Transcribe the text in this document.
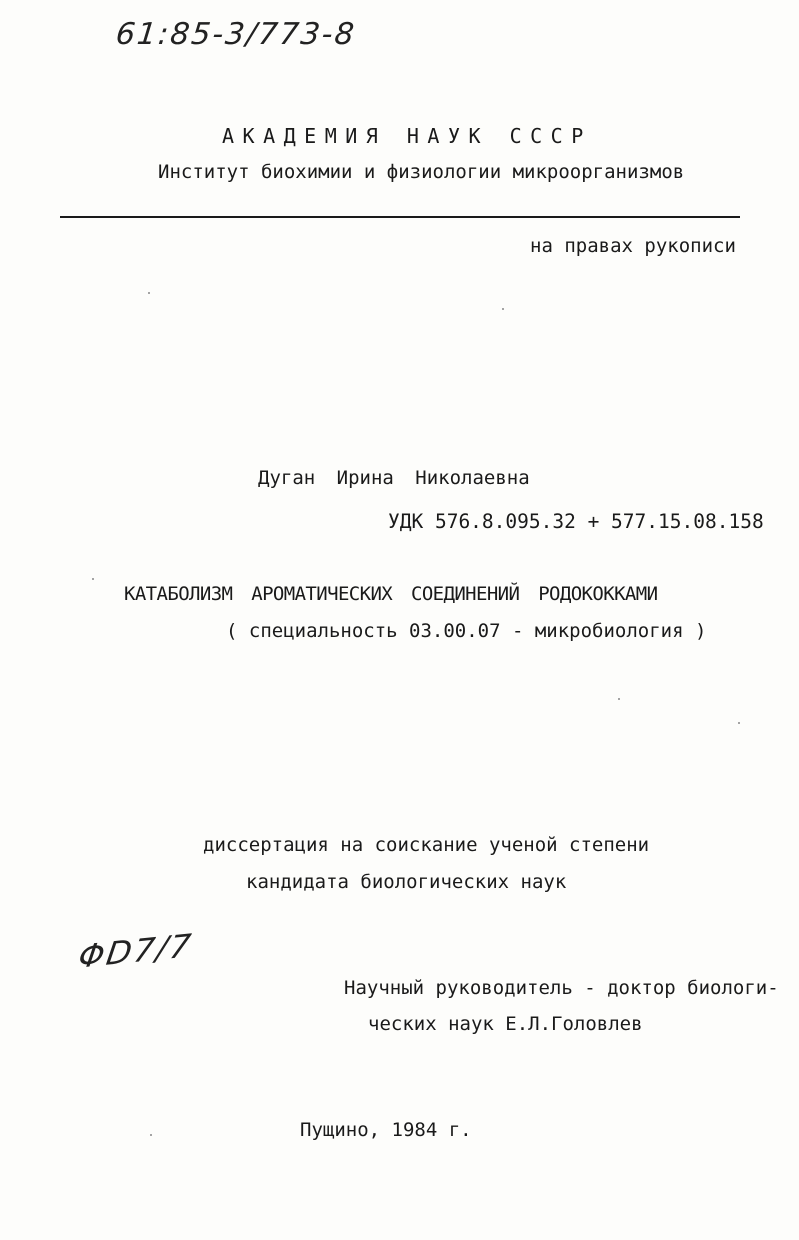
61:85-3/773-8
АКАДЕМИЯ НАУК СССР
Институт биохимии и физиологии микроорганизмов
на правах рукописи
Дуган Ирина Николаевна
УДК 576.8.095.32 + 577.15.08.158
КАТАБОЛИЗМ АРОМАТИЧЕСКИХ СОЕДИНЕНИЙ РОДОКОККАМИ
( специальность 03.00.07 - микробиология )
диссертация на соискание ученой степени
кандидата биологических наук
ΦD7/7
Научный руководитель - доктор биологи-
ческих наук Е.Л.Головлев
Пущино, 1984 г.
